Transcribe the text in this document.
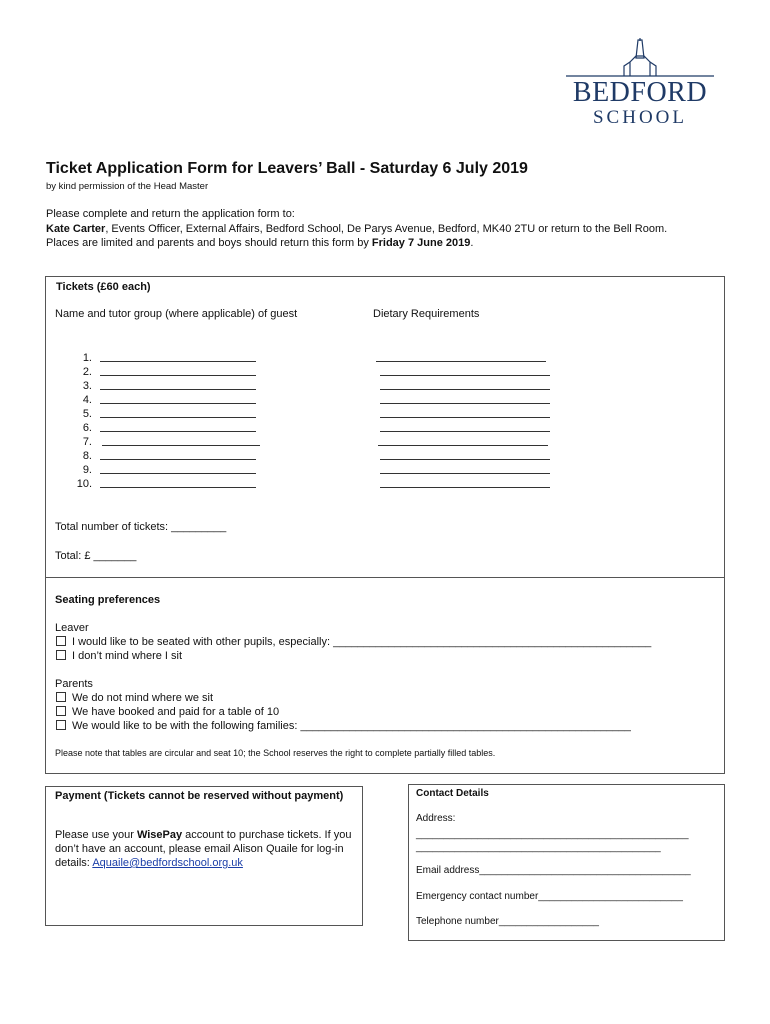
BEDFORD
SCHOOL
Ticket Application Form for Leavers’ Ball - Saturday 6 July 2019
by kind permission of the Head Master

Please complete and return the application form to:

Kate Carter, Events Officer, External Affairs, Bedford School, De Parys Avenue, Bedford, MK40 2TU or return to the Bell Room.

Places are limited and parents and boys should return this form by Friday 7 June 2019.

Tickets (£60 each)
Name and tutor group (where applicable) of guest	Dietary Requirements
1.
2.
3.
4.
5.
6.
7.
8.
9.
10.
Total number of tickets: _________
Total: £ _______
Seating preferences
Leaver
I would like to be seated with other pupils, especially: ____________________________________________________
I don’t mind where I sit
Parents
We do not mind where we sit
We have booked and paid for a table of 10
We would like to be with the following families: ______________________________________________________
Please note that tables are circular and seat 10; the School reserves the right to complete partially filled tables.
Payment (Tickets cannot be reserved without payment)
Please use your WisePay account to purchase tickets. If you don’t have an account, please email Alison Quaile for log-in details: Aquaile@bedfordschool.org.uk
Contact Details
Address:
_________________________________________________
____________________________________________
Email address______________________________________
Emergency contact number__________________________
Telephone number__________________
